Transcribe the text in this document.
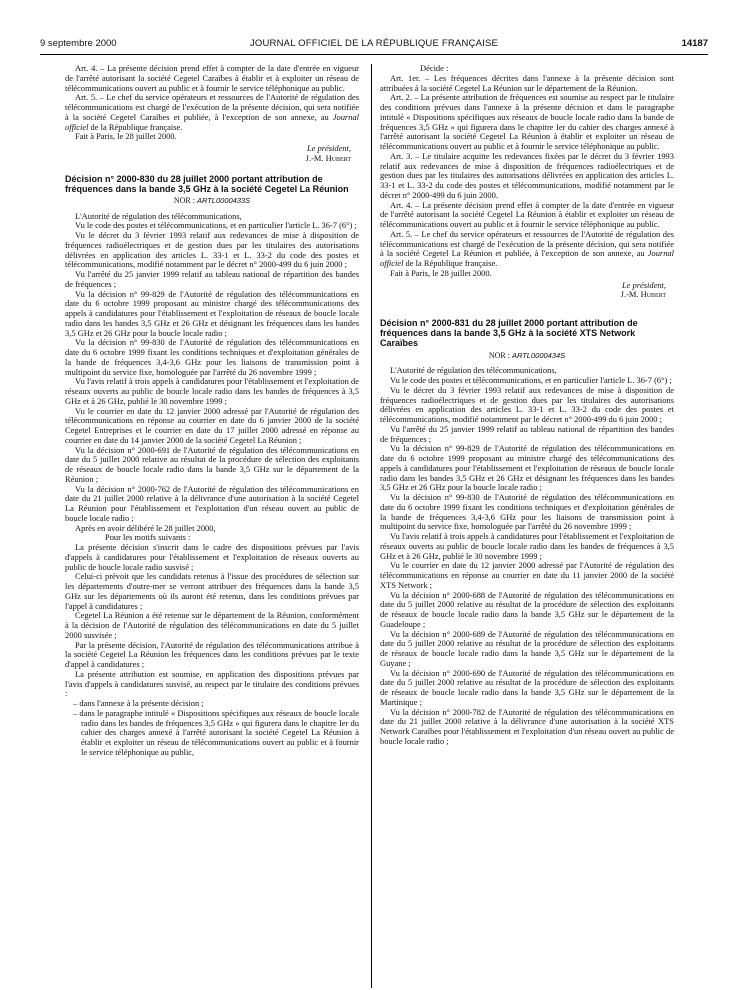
9 septembre 2000	JOURNAL OFFICIEL DE LA RÉPUBLIQUE FRANÇAISE	14187

Art. 4. – La présente décision prend effet à compter de la date d'entrée en vigueur de l'arrêté autorisant la société Cegetel Caraïbes à établir et à exploiter un réseau de télécommunications ouvert au public et à fournir le service téléphonique au public.

Art. 5. – Le chef du service opérateurs et ressources de l'Autorité de régulation des télécommunications est chargé de l'exécution de la présente décision, qui sera notifiée à la société Cegetel Caraïbes et publiée, à l'exception de son annexe, au Journal officiel de la République française.

Fait à Paris, le 28 juillet 2000.

Le président,

J.-M. Hubert

Décision n° 2000-830 du 28 juillet 2000 portant attribution de fréquences dans la bande 3,5 GHz à la société Cegetel La Réunion

NOR : ARTL0000433S

L'Autorité de régulation des télécommunications,

Vu le code des postes et télécommunications, et en particulier l'article L. 36-7 (6°) ;

Vu le décret du 3 février 1993 relatif aux redevances de mise à disposition de fréquences radioélectriques et de gestion dues par les titulaires des autorisations délivrées en application des articles L. 33-1 et L. 33-2 du code des postes et télécommunications, modifié notamment par le décret n° 2000-499 du 6 juin 2000 ;

Vu l'arrêté du 25 janvier 1999 relatif au tableau national de répartition des bandes de fréquences ;

Vu la décision n° 99-829 de l'Autorité de régulation des télécommunications en date du 6 octobre 1999 proposant au ministre chargé des télécommunications des appels à candidatures pour l'établissement et l'exploitation de réseaux de boucle locale radio dans les bandes 3,5 GHz et 26 GHz et désignant les fréquences dans les bandes 3,5 GHz et 26 GHz pour la boucle locale radio ;

Vu la décision n° 99-830 de l'Autorité de régulation des télécommunications en date du 6 octobre 1999 fixant les conditions techniques et d'exploitation générales de la bande de fréquences 3,4-3,6 GHz pour les liaisons de transmission point à multipoint du service fixe, homologuée par l'arrêté du 26 novembre 1999 ;

Vu l'avis relatif à trois appels à candidatures pour l'établissement et l'exploitation de réseaux ouverts au public de boucle locale radio dans les bandes de fréquences à 3,5 GHz et à 26 GHz, publié le 30 novembre 1999 ;

Vu le courrier en date du 12 janvier 2000 adressé par l'Autorité de régulation des télécommunications en réponse au courrier en date du 6 janvier 2000 de la société Cegetel Entreprises et le courrier en date du 17 juillet 2000 adressé en réponse au courrier en date du 14 janvier 2000 de la société Cegetel La Réunion ;

Vu la décision n° 2000-691 de l'Autorité de régulation des télécommunications en date du 5 juillet 2000 relative au résultat de la procédure de sélection des exploitants de réseaux de boucle locale radio dans la bande 3,5 GHz sur le département de la Réunion ;

Vu la décision n° 2000-762 de l'Autorité de régulation des télécommunications en date du 21 juillet 2000 relative à la délivrance d'une autorisation à la société Cegetel La Réunion pour l'établissement et l'exploitation d'un réseau ouvert au public de boucle locale radio ;

Après en avoir délibéré le 28 juillet 2000,

Pour les motifs suivants :

La présente décision s'inscrit dans le cadre des dispositions prévues par l'avis d'appels à candidatures pour l'établissement et l'exploitation de réseaux ouverts au public de boucle locale radio susvisé ;

Celui-ci prévoit que les candidats retenus à l'issue des procédures de sélection sur les départements d'outre-mer se verront attribuer des fréquences dans la bande 3,5 GHz sur les départements où ils auront été retenus, dans les conditions prévues par l'appel à candidatures ;

Cegetel La Réunion a été retenue sur le département de la Réunion, conformément à la décision de l'Autorité de régulation des télécommunications en date du 5 juillet 2000 susvisée ;

Par la présente décision, l'Autorité de régulation des télécommunications attribue à la société Cegetel La Réunion les fréquences dans les conditions prévues par le texte d'appel à candidatures ;

La présente attribution est soumise, en application des dispositions prévues par l'avis d'appels à candidatures susvisé, au respect par le titulaire des conditions prévues :

– dans l'annexe à la présente décision ;

– dans le paragraphe intitulé « Dispositions spécifiques aux réseaux de boucle locale radio dans les bandes de fréquences 3,5 GHz » qui figurera dans le chapitre Ier du cahier des charges annexé à l'arrêté autorisant la société Cegetel La Réunion à établir et exploiter un réseau de télécommunications ouvert au public et à fournir le service téléphonique au public,

Décide :

Art. 1er. – Les fréquences décrites dans l'annexe à la présente décision sont attribuées à la société Cegetel La Réunion sur le département de la Réunion.

Art. 2. – La présente attribution de fréquences est soumise au respect par le titulaire des conditions prévues dans l'annexe à la présente décision et dans le paragraphe intitulé « Dispositions spécifiques aux réseaux de boucle locale radio dans la bande de fréquences 3,5 GHz » qui figurera dans le chapitre Ier du cahier des charges annexé à l'arrêté autorisant la société Cegetel La Réunion à établir et exploiter un réseau de télécommunications ouvert au public et à fournir le service téléphonique au public.

Art. 3. – Le titulaire acquitte les redevances fixées par le décret du 3 février 1993 relatif aux redevances de mise à disposition de fréquences radioélectriques et de gestion dues par les titulaires des autorisations délivrées en application des articles L. 33-1 et L. 33-2 du code des postes et télécommunications, modifié notamment par le décret n° 2000-499 du 6 juin 2000.

Art. 4. – La présente décision prend effet à compter de la date d'entrée en vigueur de l'arrêté autorisant la société Cegetel La Réunion à établir et exploiter un réseau de télécommunications ouvert au public et à fournir le service téléphonique au public.

Art. 5. – Le chef du service opérateurs et ressources de l'Autorité de régulation des télécommunications est chargé de l'exécution de la présente décision, qui sera notifiée à la société Cegetel La Réunion et publiée, à l'exception de son annexe, au Journal officiel de la République française.

Fait à Paris, le 28 juillet 2000.

Le président,

J.-M. Hubert

Décision n° 2000-831 du 28 juillet 2000 portant attribution de fréquences dans la bande 3,5 GHz à la société XTS Network Caraïbes

NOR : ARTL0000434S

L'Autorité de régulation des télécommunications,

Vu le code des postes et télécommunications, et en particulier l'article L. 36-7 (6°) ;

Vu le décret du 3 février 1993 relatif aux redevances de mise à disposition de fréquences radioélectriques et de gestion dues par les titulaires des autorisations délivrées en application des articles L. 33-1 et L. 33-2 du code des postes et télécommunications, modifié notamment par le décret n° 2000-499 du 6 juin 2000 ;

Vu l'arrêté du 25 janvier 1999 relatif au tableau national de répartition des bandes de fréquences ;

Vu la décision n° 99-829 de l'Autorité de régulation des télécommunications en date du 6 octobre 1999 proposant au ministre chargé des télécommunications des appels à candidatures pour l'établissement et l'exploitation de réseaux de boucle locale radio dans les bandes 3,5 GHz et 26 GHz et désignant les fréquences dans les bandes 3,5 GHz et 26 GHz pour la boucle locale radio ;

Vu la décision n° 99-830 de l'Autorité de régulation des télécommunications en date du 6 octobre 1999 fixant les conditions techniques et d'exploitation générales de la bande de fréquences 3,4-3,6 GHz pour les liaisons de transmission point à multipoint du service fixe, homologuée par l'arrêté du 26 novembre 1999 ;

Vu l'avis relatif à trois appels à candidatures pour l'établissement et l'exploitation de réseaux ouverts au public de boucle locale radio dans les bandes de fréquences à 3,5 GHz et à 26 GHz, publié le 30 novembre 1999 ;

Vu le courrier en date du 12 janvier 2000 adressé par l'Autorité de régulation des télécommunications en réponse au courrier en date du 11 janvier 2000 de la société XTS Network ;

Vu la décision n° 2000-688 de l'Autorité de régulation des télécommunications en date du 5 juillet 2000 relative au résultat de la procédure de sélection des exploitants de réseaux de boucle locale radio dans la bande 3,5 GHz sur le département de la Guadeloupe ;

Vu la décision n° 2000-689 de l'Autorité de régulation des télécommunications en date du 5 juillet 2000 relative au résultat de la procédure de sélection des exploitants de réseaux de boucle locale radio dans la bande 3,5 GHz sur le département de la Guyane ;

Vu la décision n° 2000-690 de l'Autorité de régulation des télécommunications en date du 5 juillet 2000 relative au résultat de la procédure de sélection des exploitants de réseaux de boucle locale radio dans la bande 3,5 GHz sur le département de la Martinique ;

Vu la décision n° 2000-782 de l'Autorité de régulation des télécommunications en date du 21 juillet 2000 relative à la délivrance d'une autorisation à la société XTS Network Caraïbes pour l'établissement et l'exploitation d'un réseau ouvert au public de boucle locale radio ;
